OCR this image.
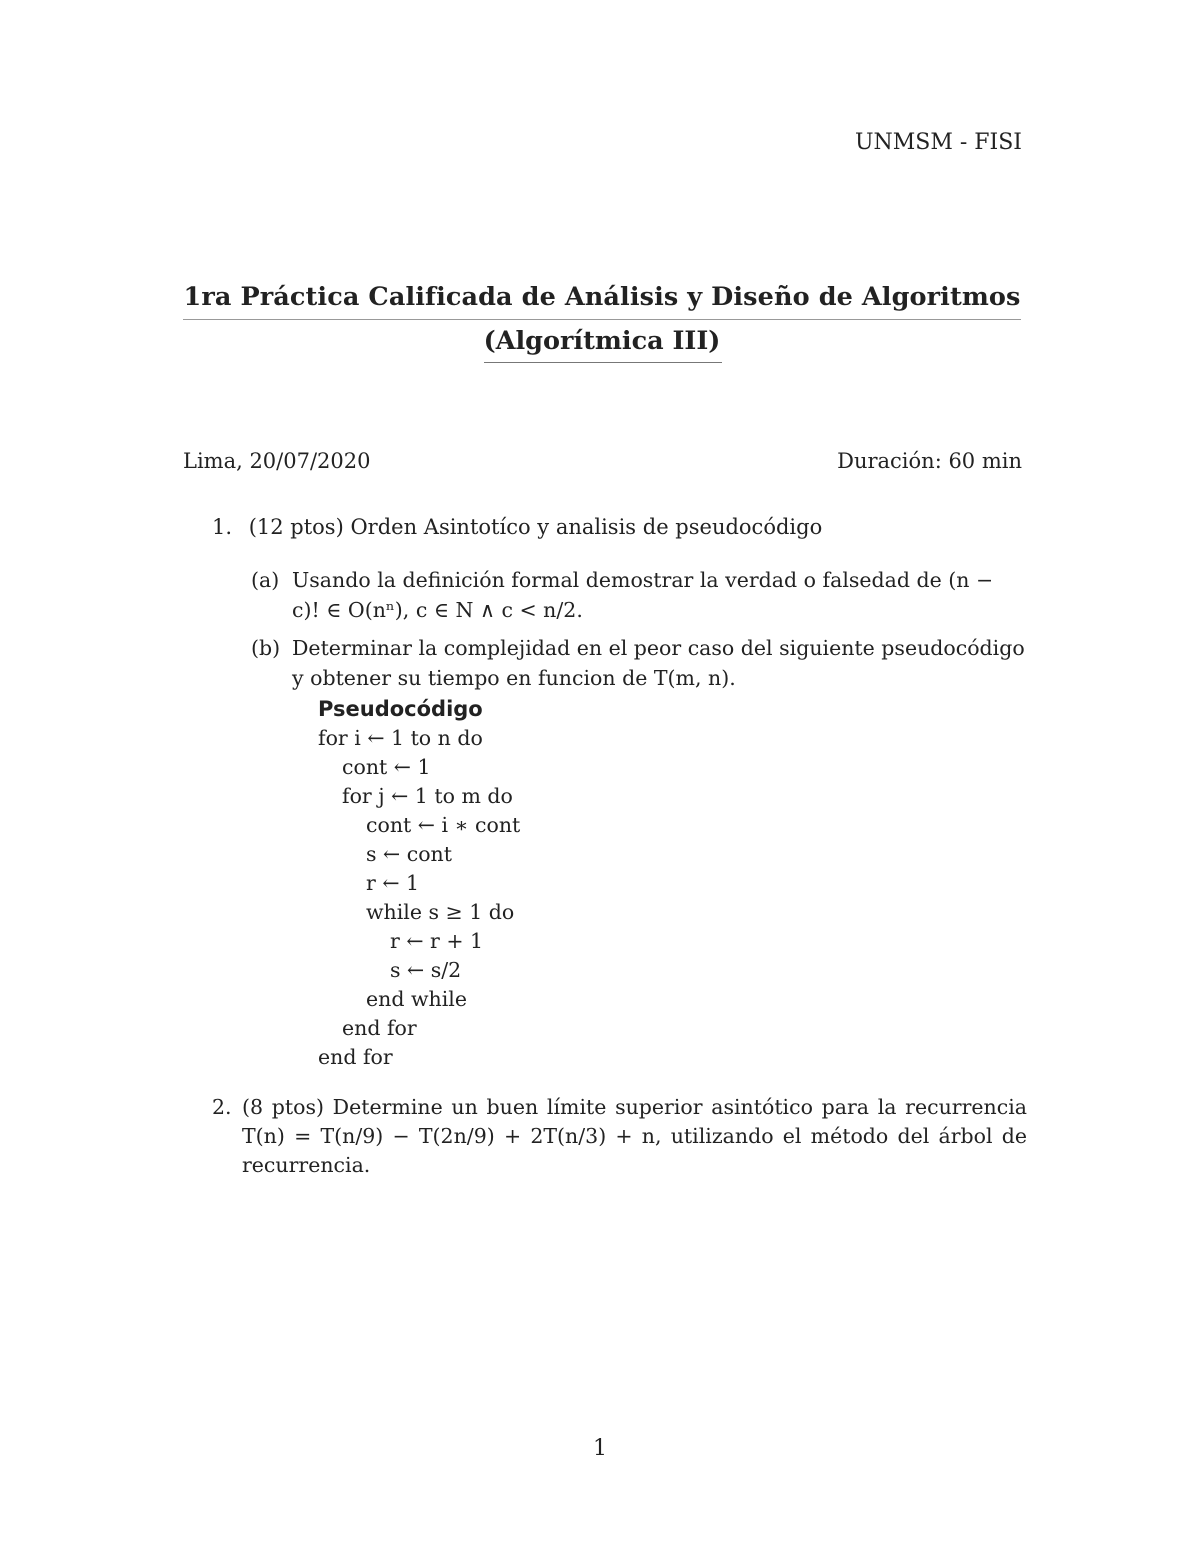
UNMSM - FISI
1ra Práctica Calificada de Análisis y Diseño de Algoritmos
(Algorítmica III)
Lima, 20/07/2020	Duración: 60 min
1. (12 ptos) Orden Asintotíco y analisis de pseudocódigo
(a) Usando la definición formal demostrar la verdad o falsedad de (n − c)! ∈ O(nⁿ), c ∈ N ∧ c < n/2.
(b) Determinar la complejidad en el peor caso del siguiente pseudocódigo y obtener su tiempo en funcion de T(m, n).
Pseudocódigo
for i ← 1 to n do
cont ← 1
for j ← 1 to m do
cont ← i ∗ cont
s ← cont
r ← 1
while s ≥ 1 do
r ← r + 1
s ← s/2
end while
end for
end for
2. (8 ptos) Determine un buen límite superior asintótico para la recurrencia T(n) = T(n/9) − T(2n/9) + 2T(n/3) + n, utilizando el método del árbol de recurrencia.
1
